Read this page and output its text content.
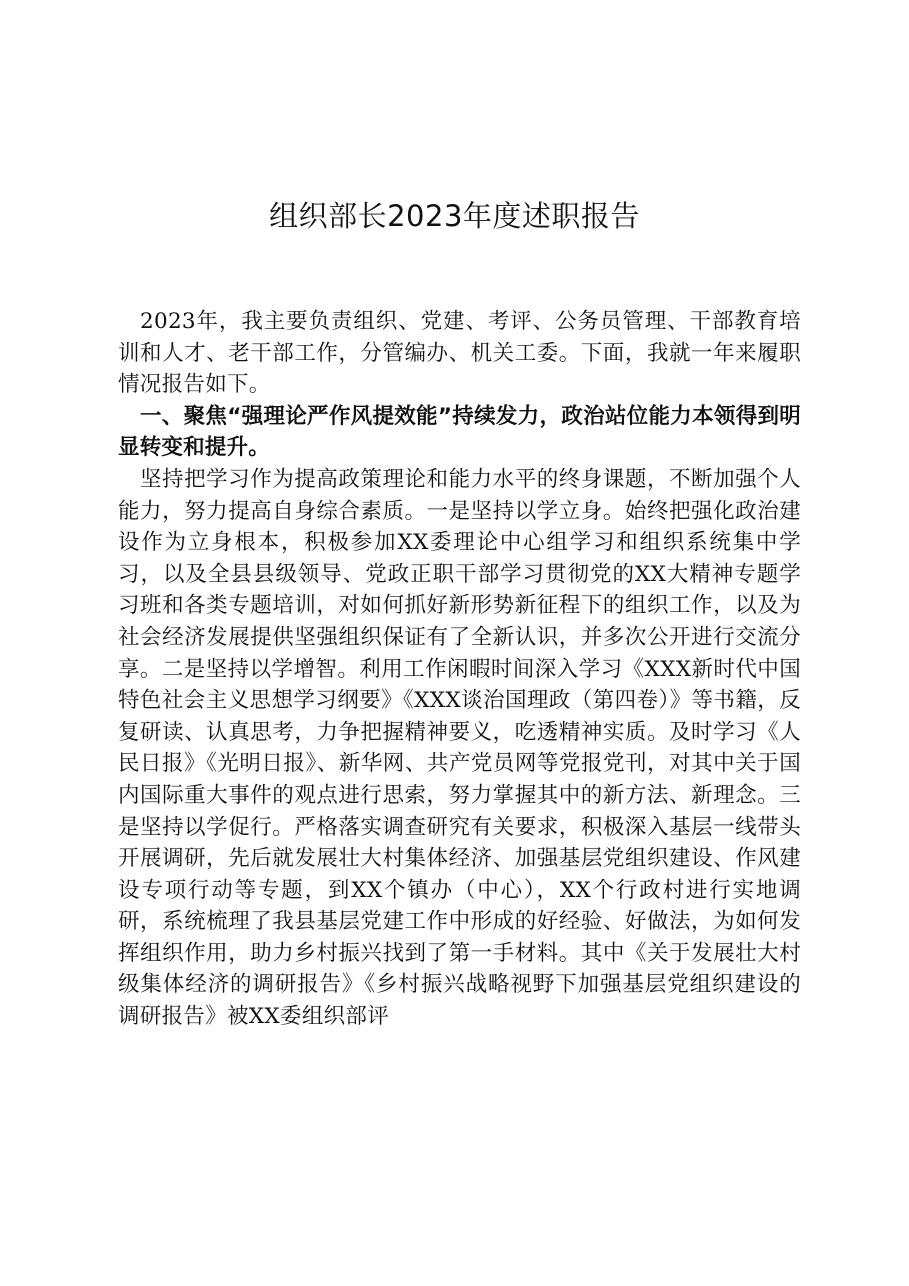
组织部长2023年度述职报告

2023年，我主要负责组织、党建、考评、公务员管理、干部教育培训和人才、老干部工作，分管编办、机关工委。下面，我就一年来履职情况报告如下。

一、聚焦“强理论严作风提效能”持续发力，政治站位能力本领得到明显转变和提升。

坚持把学习作为提高政策理论和能力水平的终身课题，不断加强个人能力，努力提高自身综合素质。一是坚持以学立身。始终把强化政治建设作为立身根本，积极参加XX委理论中心组学习和组织系统集中学习，以及全县县级领导、党政正职干部学习贯彻党的XX大精神专题学习班和各类专题培训，对如何抓好新形势新征程下的组织工作，以及为社会经济发展提供坚强组织保证有了全新认识，并多次公开进行交流分享。二是坚持以学增智。利用工作闲暇时间深入学习《XXX新时代中国特色社会主义思想学习纲要》《XXX谈治国理政（第四卷）》等书籍，反复研读、认真思考，力争把握精神要义，吃透精神实质。及时学习《人民日报》《光明日报》、新华网、共产党员网等党报党刊，对其中关于国内国际重大事件的观点进行思索，努力掌握其中的新方法、新理念。三是坚持以学促行。严格落实调查研究有关要求，积极深入基层一线带头开展调研，先后就发展壮大村集体经济、加强基层党组织建设、作风建设专项行动等专题，到XX个镇办（中心），XX个行政村进行实地调研，系统梳理了我县基层党建工作中形成的好经验、好做法，为如何发挥组织作用，助力乡村振兴找到了第一手材料。其中《关于发展壮大村级集体经济的调研报告》《乡村振兴战略视野下加强基层党组织建设的调研报告》被XX委组织部评
